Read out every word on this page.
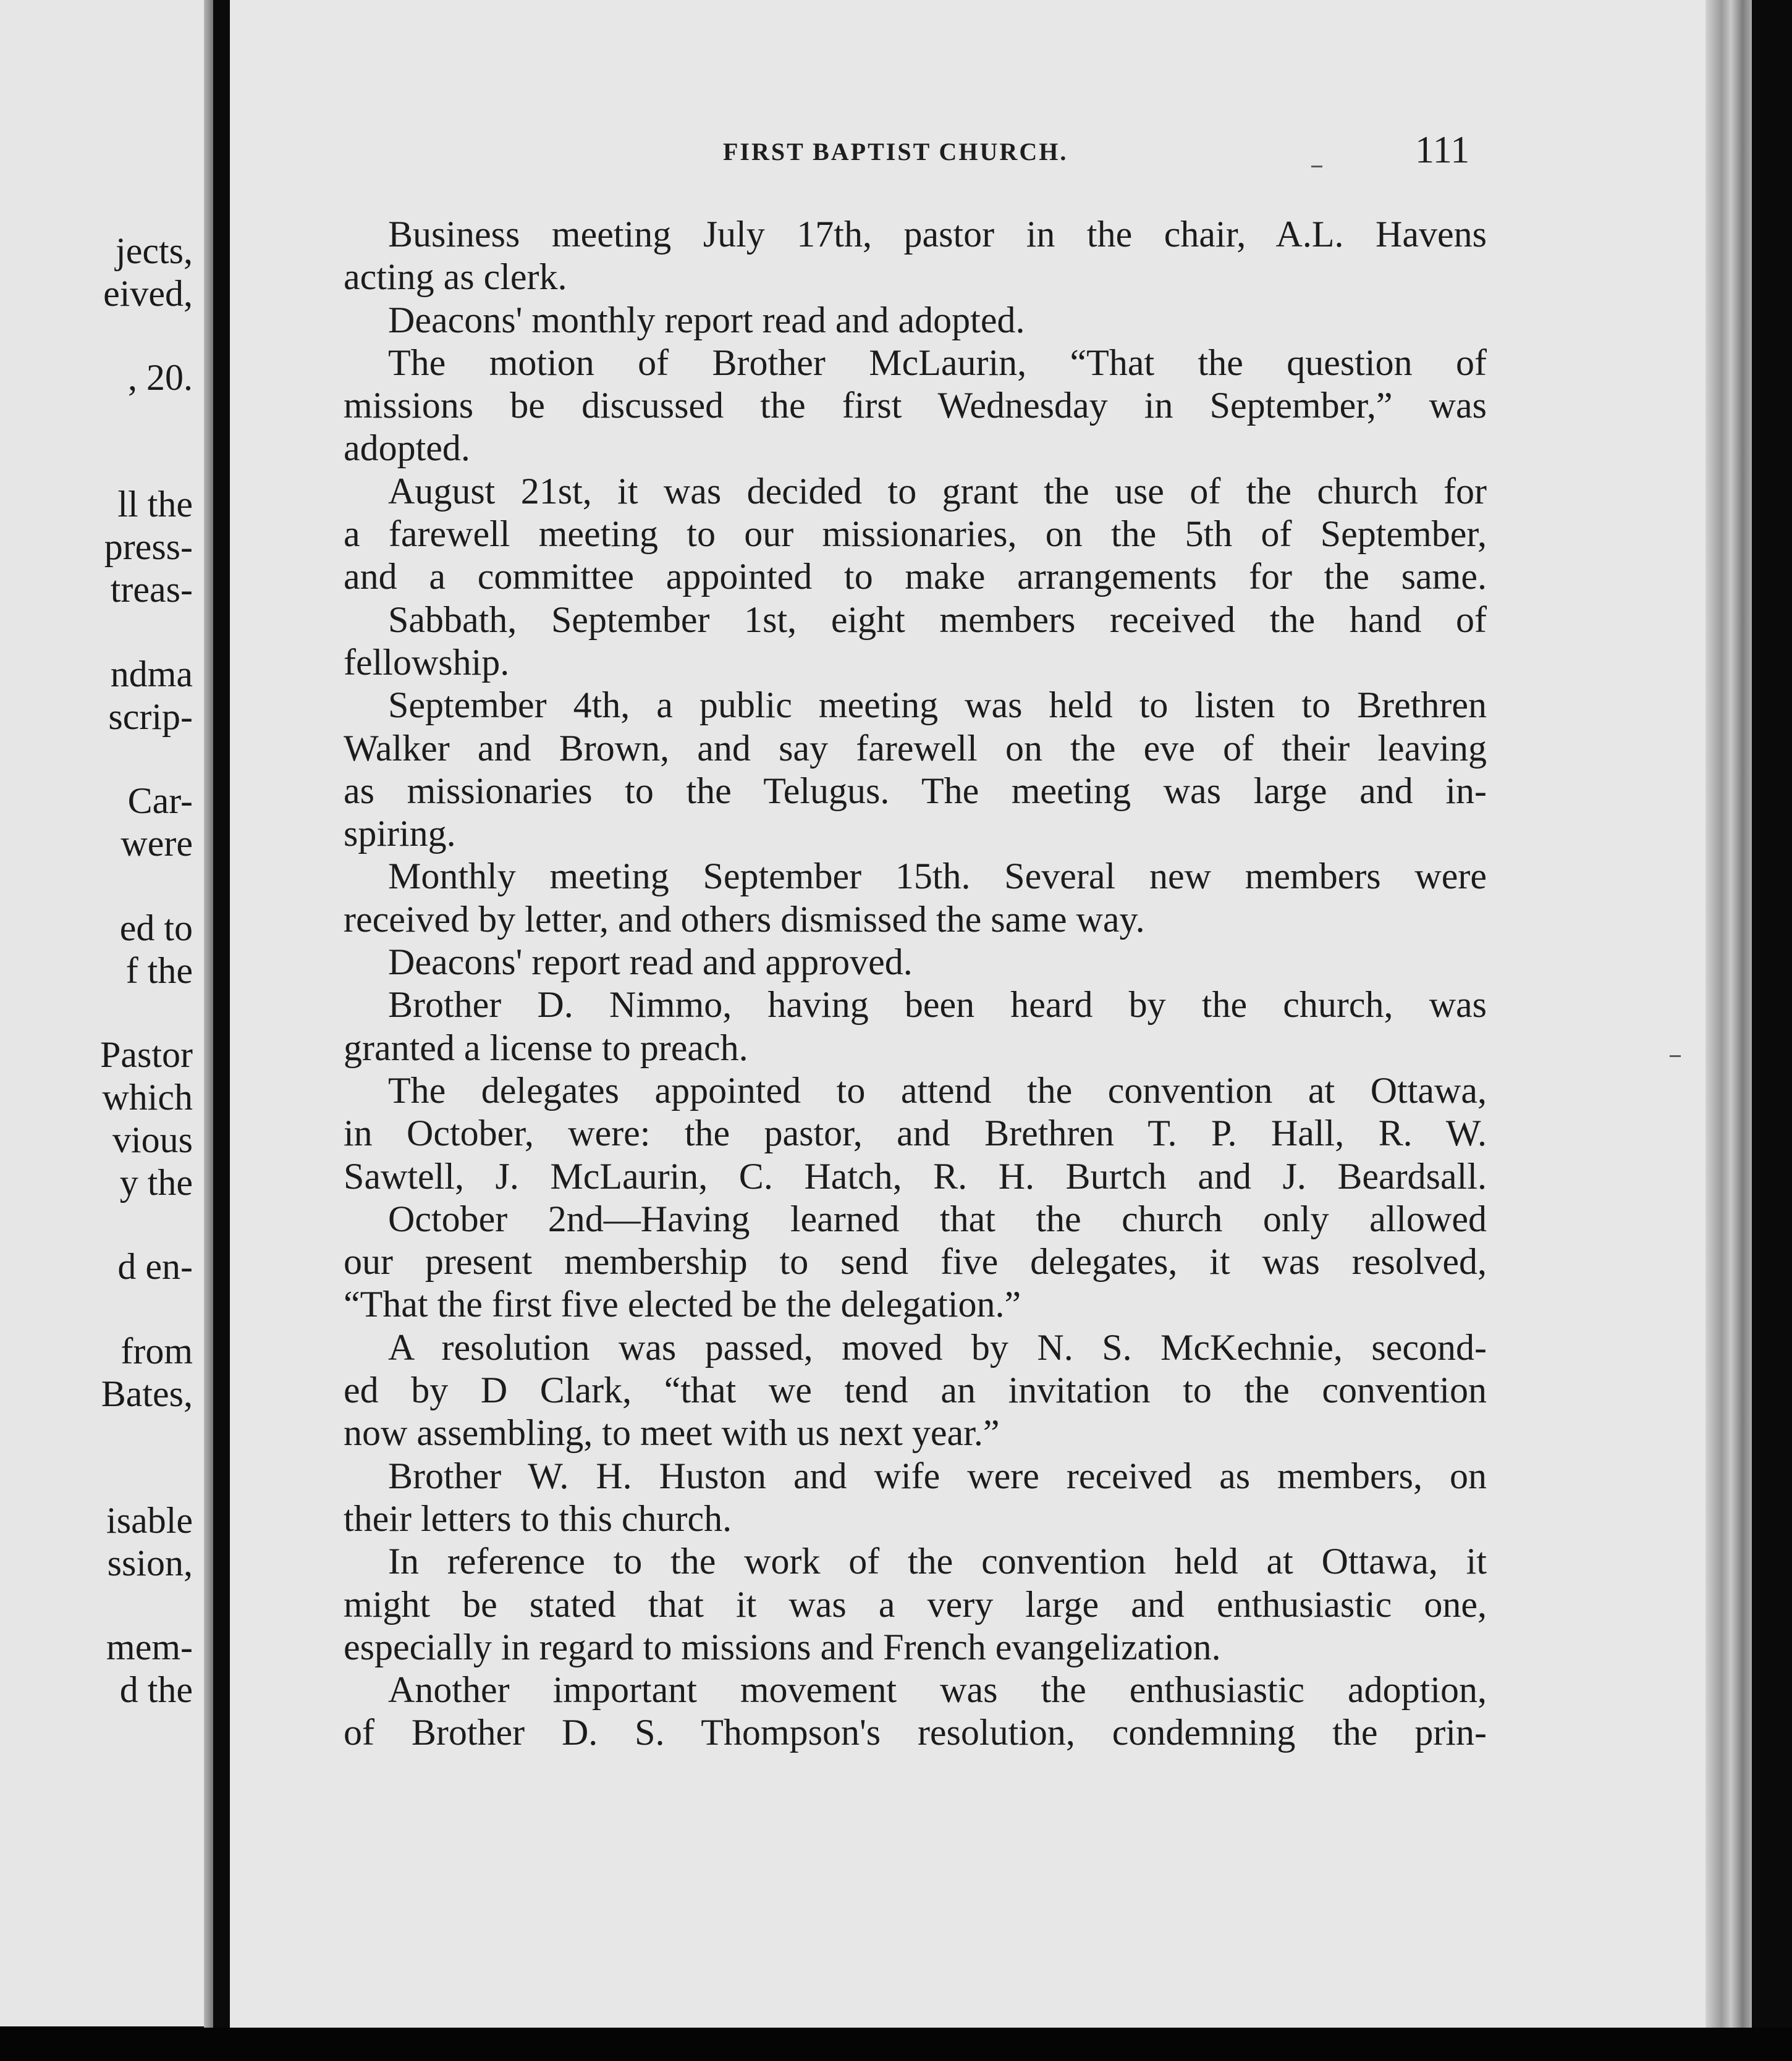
jects,
eived,
, 20.
ll the
press-
treas-
ndma
scrip-
Car-
were
ed to
f the
Pastor
which
vious
y the
d en-
from
Bates,
isable
ssion,
mem-
d the
FIRST BAPTIST CHURCH.	111
Business meeting July 17th, pastor in the chair, A.L. Havens
acting as clerk.
Deacons' monthly report read and adopted.
The motion of Brother McLaurin, “That the question of
missions be discussed the first Wednesday in September,” was
adopted.
August 21st, it was decided to grant the use of the church for
a farewell meeting to our missionaries, on the 5th of September,
and a committee appointed to make arrangements for the same.
Sabbath, September 1st, eight members received the hand of
fellowship.
September 4th, a public meeting was held to listen to Brethren
Walker and Brown, and say farewell on the eve of their leaving
as missionaries to the Telugus. The meeting was large and in-
spiring.
Monthly meeting September 15th. Several new members were
received by letter, and others dismissed the same way.
Deacons' report read and approved.
Brother D. Nimmo, having been heard by the church, was
granted a license to preach.
The delegates appointed to attend the convention at Ottawa,
in October, were: the pastor, and Brethren T. P. Hall, R. W.
Sawtell, J. McLaurin, C. Hatch, R. H. Burtch and J. Beardsall.
October 2nd—Having learned that the church only allowed
our present membership to send five delegates, it was resolved,
“That the first five elected be the delegation.”
A resolution was passed, moved by N. S. McKechnie, second-
ed by D Clark, “that we tend an invitation to the convention
now assembling, to meet with us next year.”
Brother W. H. Huston and wife were received as members, on
their letters to this church.
In reference to the work of the convention held at Ottawa, it
might be stated that it was a very large and enthusiastic one,
especially in regard to missions and French evangelization.
Another important movement was the enthusiastic adoption,
of Brother D. S. Thompson's resolution, condemning the prin-
